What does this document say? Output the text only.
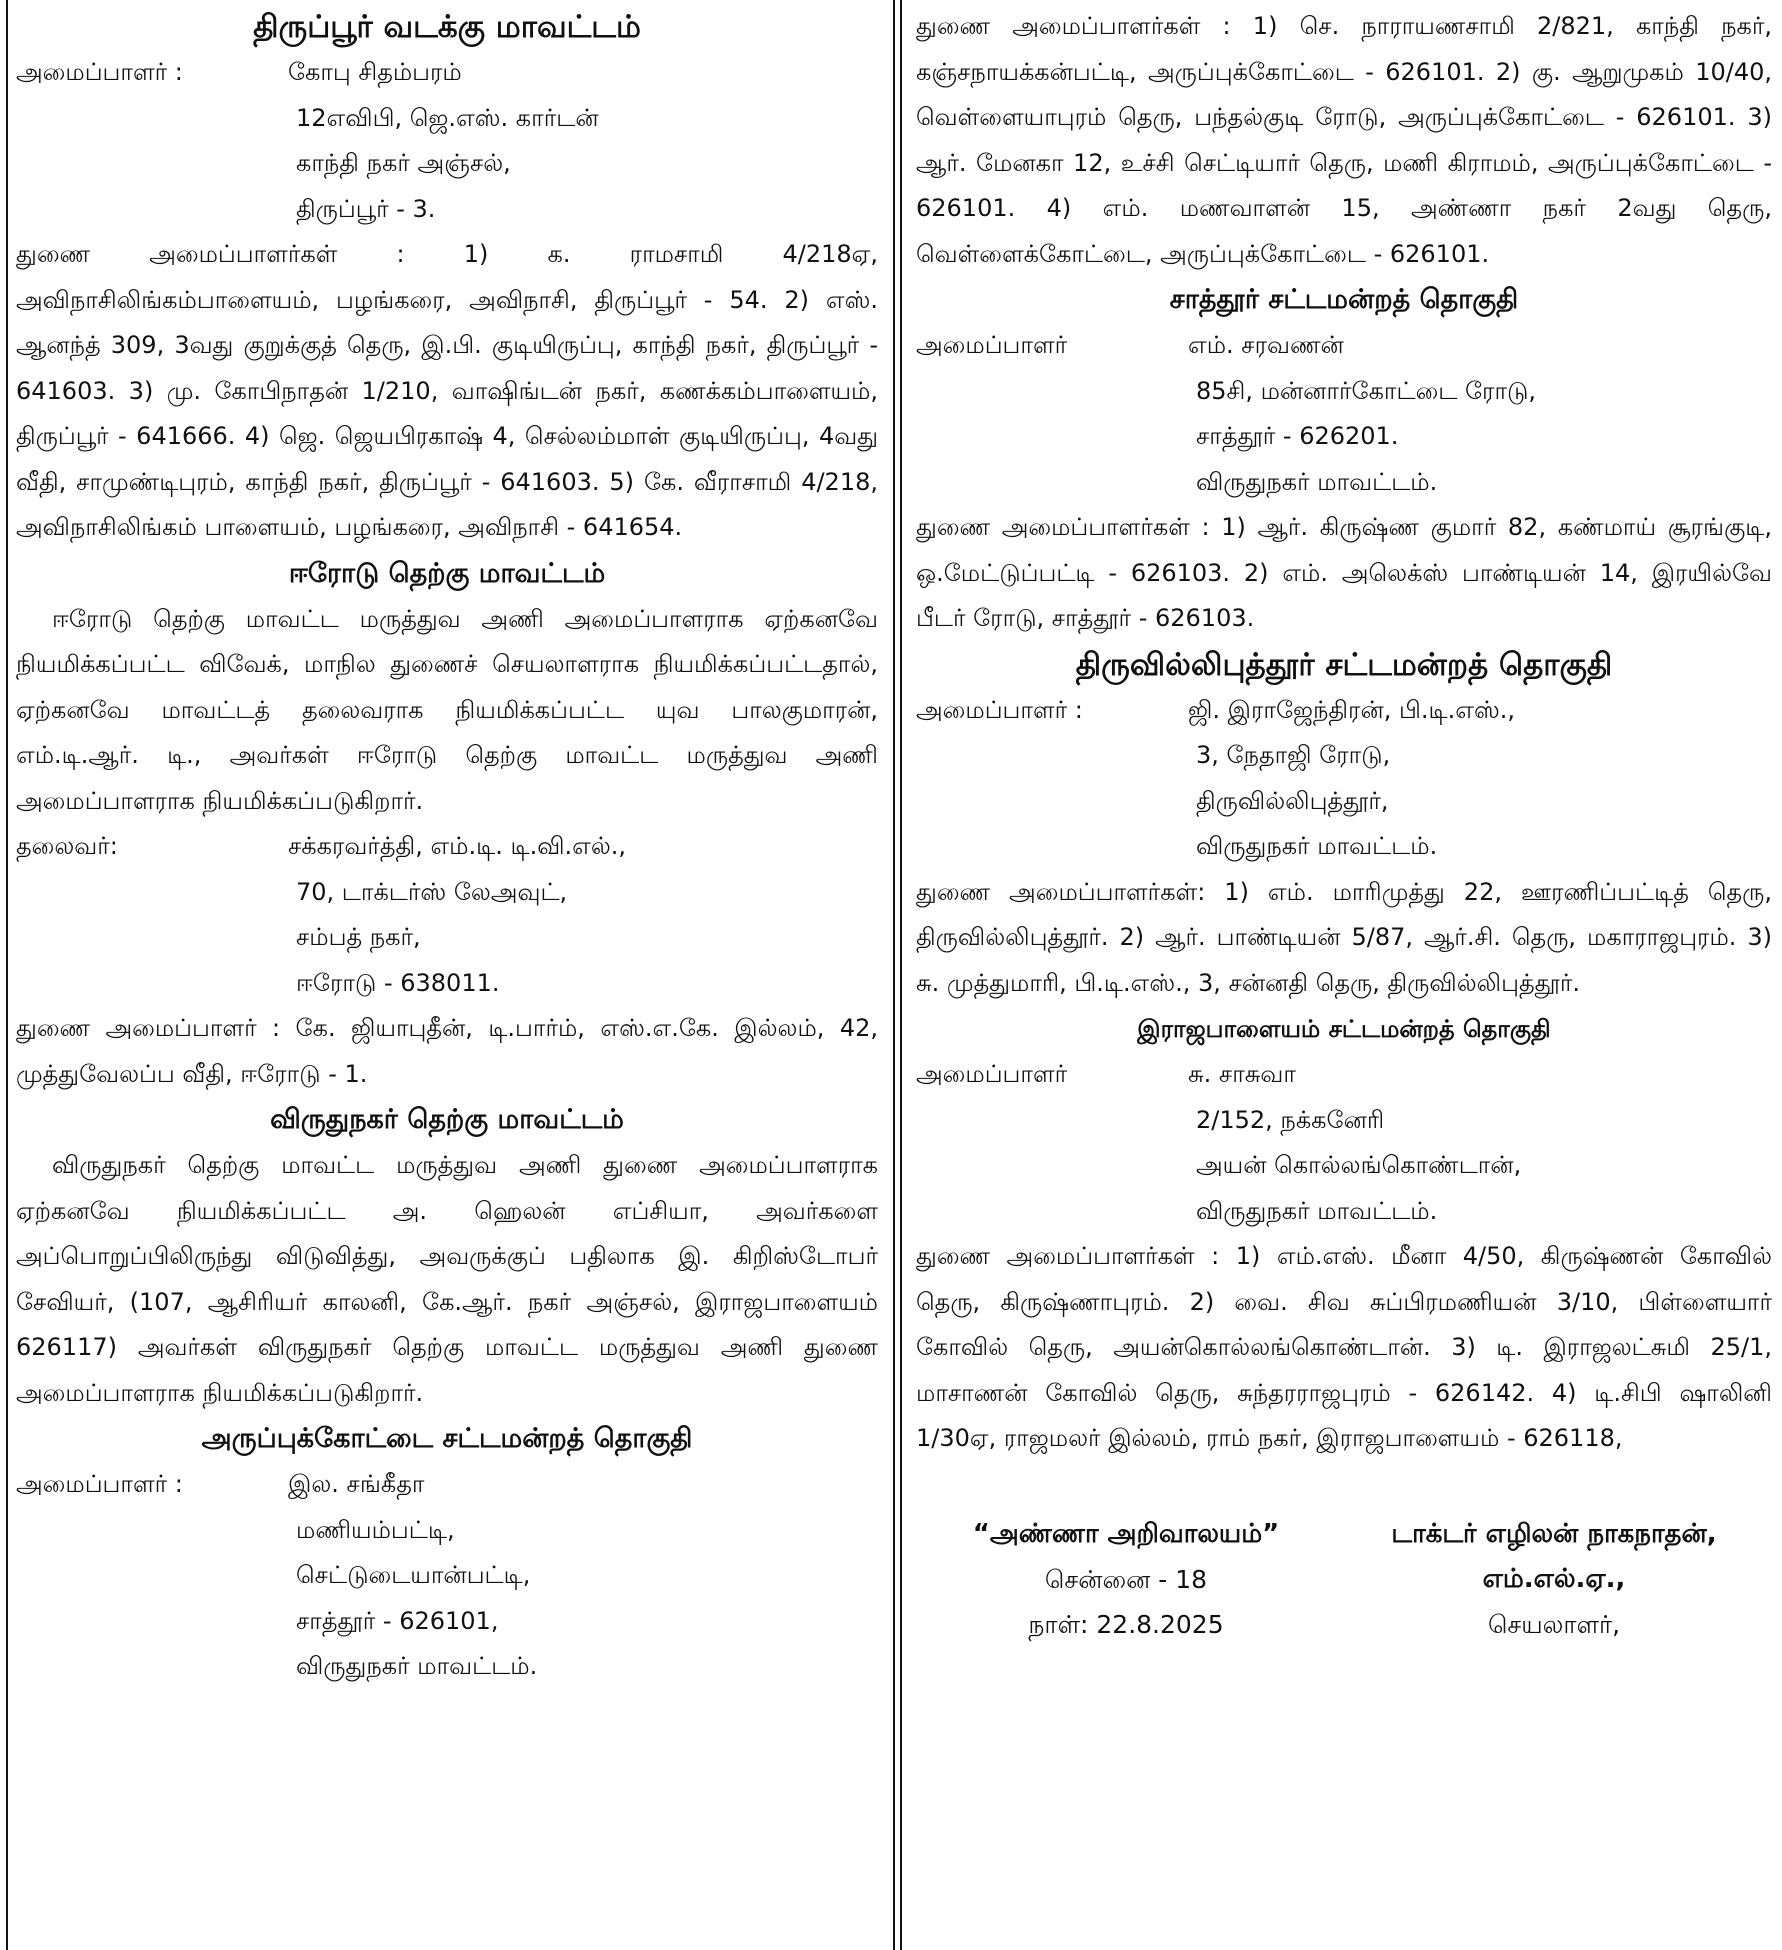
திருப்பூர் வடக்கு மாவட்டம்
அமைப்பாளர் :	கோபு சிதம்பரம்
12எவிபி, ஜெ.எஸ். கார்டன்
காந்தி நகர் அஞ்சல்,
திருப்பூர் - 3.

துணை அமைப்பாளர்கள் : 1) க. ராமசாமி 4/218ஏ, அவிநாசிலிங்கம்பாளையம், பழங்கரை, அவிநாசி, திருப்பூர் - 54. 2) எஸ். ஆனந்த் 309, 3வது குறுக்குத் தெரு, இ.பி. குடியிருப்பு, காந்தி நகர், திருப்பூர் - 641603. 3) மு. கோபிநாதன் 1/210, வாஷிங்டன் நகர், கணக்கம்பாளையம், திருப்பூர் - 641666. 4) ஜெ. ஜெயபிரகாஷ் 4, செல்லம்மாள் குடியிருப்பு, 4வது வீதி, சாமுண்டிபுரம், காந்தி நகர், திருப்பூர் - 641603. 5) கே. வீராசாமி 4/218, அவிநாசிலிங்கம் பாளையம், பழங்கரை, அவிநாசி - 641654.

ஈரோடு தெற்கு மாவட்டம்

ஈரோடு தெற்கு மாவட்ட மருத்துவ அணி அமைப்பாளராக ஏற்கனவே நியமிக்கப்பட்ட விவேக், மாநில துணைச் செயலாளராக நியமிக்கப்பட்டதால், ஏற்கனவே மாவட்டத் தலைவராக நியமிக்கப்பட்ட யுவ பாலகுமாரன், எம்.டி.ஆர். டி., அவர்கள் ஈரோடு தெற்கு மாவட்ட மருத்துவ அணி அமைப்பாளராக நியமிக்கப்படுகிறார்.

தலைவர்:	சக்கரவர்த்தி, எம்.டி. டி.வி.எல்.,
70, டாக்டர்ஸ் லேஅவுட்,
சம்பத் நகர்,
ஈரோடு - 638011.

துணை அமைப்பாளர் : கே. ஜியாபுதீன், டி.பார்ம், எஸ்.எ.கே. இல்லம், 42, முத்துவேலப்ப வீதி, ஈரோடு - 1.

விருதுநகர் தெற்கு மாவட்டம்

விருதுநகர் தெற்கு மாவட்ட மருத்துவ அணி துணை அமைப்பாளராக ஏற்கனவே நியமிக்கப்பட்ட அ. ஹெலன் எப்சியா, அவர்களை அப்பொறுப்பிலிருந்து விடுவித்து, அவருக்குப் பதிலாக இ. கிறிஸ்டோபர் சேவியர், (107, ஆசிரியர் காலனி, கே.ஆர். நகர் அஞ்சல், இராஜபாளையம் 626117) அவர்கள் விருதுநகர் தெற்கு மாவட்ட மருத்துவ அணி துணை அமைப்பாளராக நியமிக்கப்படுகிறார்.

அருப்புக்கோட்டை சட்டமன்றத் தொகுதி
அமைப்பாளர் :	இல. சங்கீதா
மணியம்பட்டி,
செட்டுடையான்பட்டி,
சாத்தூர் - 626101,
விருதுநகர் மாவட்டம்.

துணை அமைப்பாளர்கள் : 1) செ. நாராயணசாமி 2/821, காந்தி நகர், கஞ்சநாயக்கன்பட்டி, அருப்புக்கோட்டை - 626101. 2) கு. ஆறுமுகம் 10/40, வெள்ளையாபுரம் தெரு, பந்தல்குடி ரோடு, அருப்புக்கோட்டை - 626101. 3) ஆர். மேனகா 12, உச்சி செட்டியார் தெரு, மணி கிராமம், அருப்புக்கோட்டை - 626101. 4) எம். மணவாளன் 15, அண்ணா நகர் 2வது தெரு, வெள்ளைக்கோட்டை, அருப்புக்கோட்டை - 626101.

சாத்தூர் சட்டமன்றத் தொகுதி
அமைப்பாளர்	எம். சரவணன்
85சி, மன்னார்கோட்டை ரோடு,
சாத்தூர் - 626201.
விருதுநகர் மாவட்டம்.

துணை அமைப்பாளர்கள் : 1) ஆர். கிருஷ்ண குமார் 82, கண்மாய் சூரங்குடி, ஒ.மேட்டுப்பட்டி - 626103. 2) எம். அலெக்ஸ் பாண்டியன் 14, இரயில்வே பீடர் ரோடு, சாத்தூர் - 626103.

திருவில்லிபுத்தூர் சட்டமன்றத் தொகுதி
அமைப்பாளர் :	ஜி. இராஜேந்திரன், பி.டி.எஸ்.,
3, நேதாஜி ரோடு,
திருவில்லிபுத்தூர்,
விருதுநகர் மாவட்டம்.

துணை அமைப்பாளர்கள்: 1) எம். மாரிமுத்து 22, ஊரணிப்பட்டித் தெரு, திருவில்லிபுத்தூர். 2) ஆர். பாண்டியன் 5/87, ஆர்.சி. தெரு, மகாராஜபுரம். 3) சு. முத்துமாரி, பி.டி.எஸ்., 3, சன்னதி தெரு, திருவில்லிபுத்தூர்.

இராஜபாளையம் சட்டமன்றத் தொகுதி
அமைப்பாளர்	சு. சாசுவா
2/152, நக்கனேரி
அயன் கொல்லங்கொண்டான்,
விருதுநகர் மாவட்டம்.

துணை அமைப்பாளர்கள் : 1) எம்.எஸ். மீனா 4/50, கிருஷ்ணன் கோவில் தெரு, கிருஷ்ணாபுரம். 2) வை. சிவ சுப்பிரமணியன் 3/10, பிள்ளையார் கோவில் தெரு, அயன்கொல்லங்கொண்டான். 3) டி. இராஜலட்சுமி 25/1, மாசாணன் கோவில் தெரு, சுந்தரராஜபுரம் - 626142. 4) டி.சிபி ஷாலினி 1/30ஏ, ராஜமலர் இல்லம், ராம் நகர், இராஜபாளையம் - 626118,

“அண்ணா அறிவாலயம்”
சென்னை - 18
நாள்: 22.8.2025
டாக்டர் எழிலன் நாகநாதன்,
எம்.எல்.ஏ.,
செயலாளர்,
